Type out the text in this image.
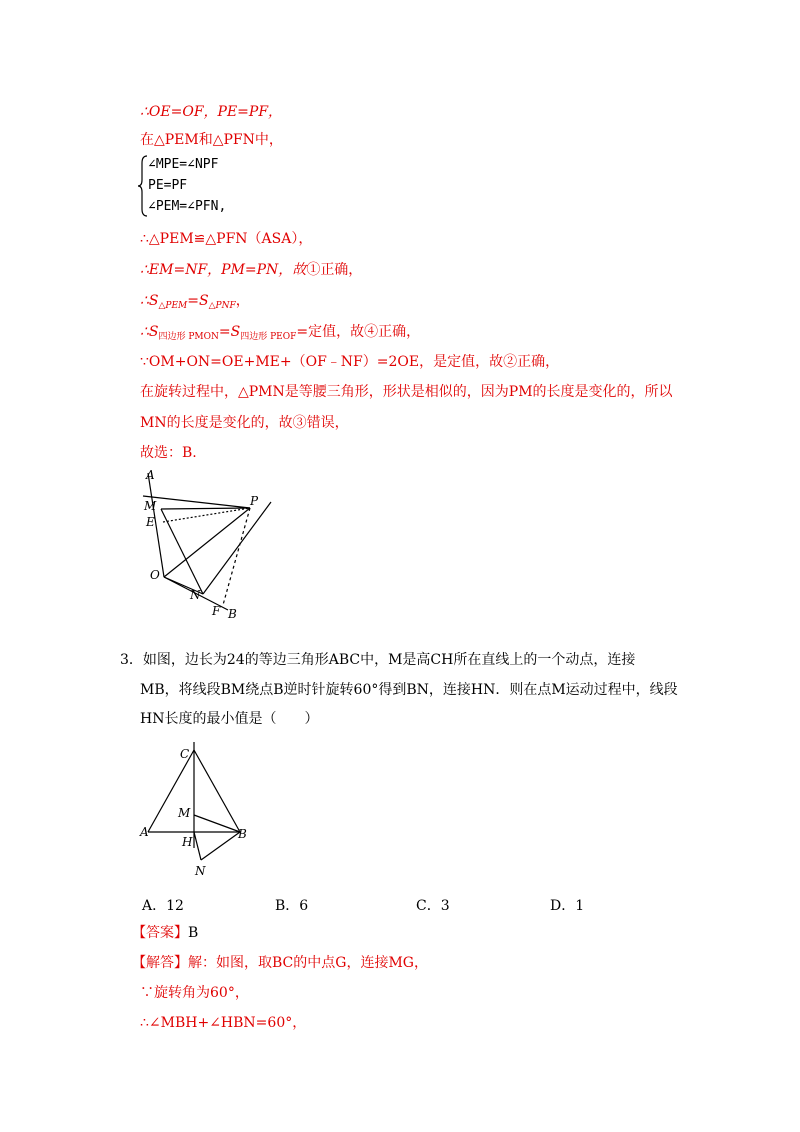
∴OE=OF，PE=PF，
在△PEM和△PFN中，
∠MPE=∠NPF
PE=PF
∠PEM=∠PFN,
∴△PEM≌△PFN（ASA），
∴EM=NF，PM=PN，故①正确，
$\therefore S_{\triangle PEM}=S_{\triangle PNF}$，
$\therefore S_{四边形 PMON}=S_{四边形 PEOF}=$定值，故④正确，
∵OM+ON=OE+ME+（OF﹣NF）=2OE，是定值，故②正确，
在旋转过程中，△PMN是等腰三角形，形状是相似的，因为PM的长度是变化的，所以
MN的长度是变化的，故③错误，
故选：B.
A
M
E
O
N
F B
P
3．如图，边长为24的等边三角形ABC中，M是高CH所在直线上的一个动点，连接
MB，将线段BM绕点B逆时针旋转60°得到BN，连接HN．则在点M运动过程中，线段
HN长度的最小值是（　　）
C
M
A
H
B
N
A．12	B．6	C．3	D．1
【答案】B
【解答】解：如图，取BC的中点G，连接MG，
∵旋转角为60°，
∴∠MBH+∠HBN=60°，
